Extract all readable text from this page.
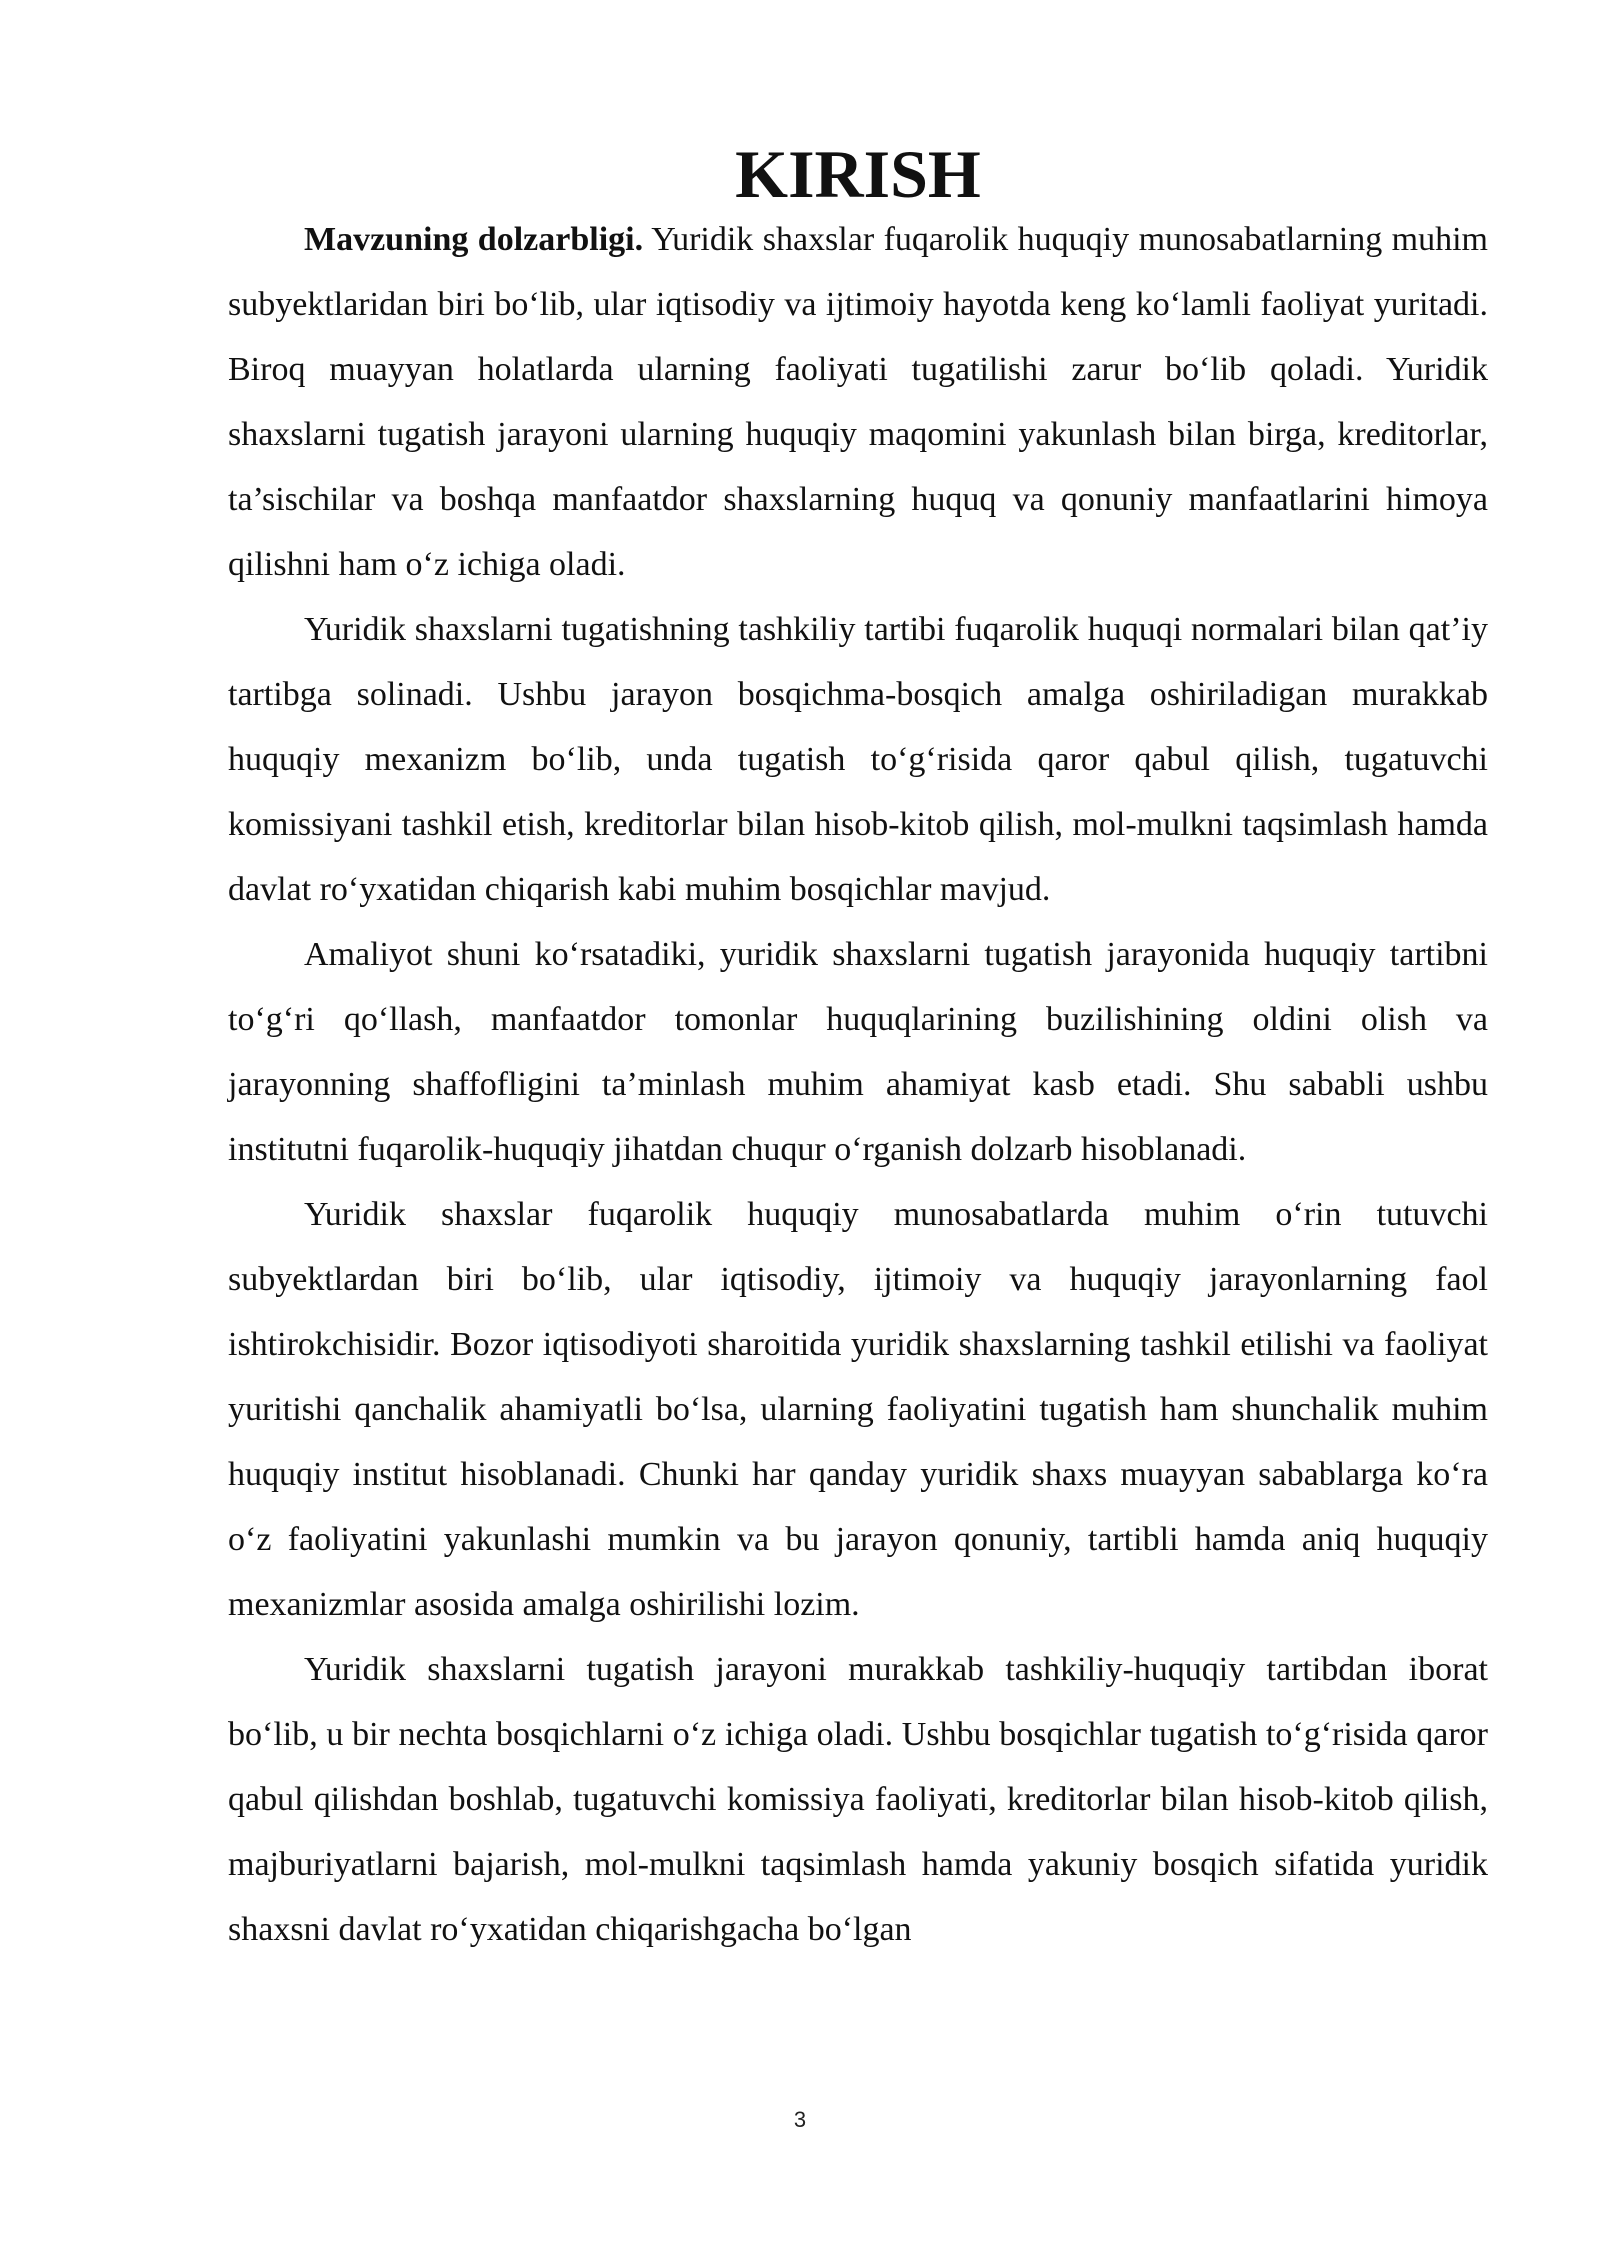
KIRISH

Mavzuning dolzarbligi. Yuridik shaxslar fuqarolik huquqiy munosabatlarning muhim subyektlaridan biri bo‘lib, ular iqtisodiy va ijtimoiy hayotda keng ko‘lamli faoliyat yuritadi. Biroq muayyan holatlarda ularning faoliyati tugatilishi zarur bo‘lib qoladi. Yuridik shaxslarni tugatish jarayoni ularning huquqiy maqomini yakunlash bilan birga, kreditorlar, ta’sischilar va boshqa manfaatdor shaxslarning huquq va qonuniy manfaatlarini himoya qilishni ham o‘z ichiga oladi.

Yuridik shaxslarni tugatishning tashkiliy tartibi fuqarolik huquqi normalari bilan qat’iy tartibga solinadi. Ushbu jarayon bosqichma-bosqich amalga oshiriladigan murakkab huquqiy mexanizm bo‘lib, unda tugatish to‘g‘risida qaror qabul qilish, tugatuvchi komissiyani tashkil etish, kreditorlar bilan hisob-kitob qilish, mol-mulkni taqsimlash hamda davlat ro‘yxatidan chiqarish kabi muhim bosqichlar mavjud.

Amaliyot shuni ko‘rsatadiki, yuridik shaxslarni tugatish jarayonida huquqiy tartibni to‘g‘ri qo‘llash, manfaatdor tomonlar huquqlarining buzilishining oldini olish va jarayonning shaffofligini ta’minlash muhim ahamiyat kasb etadi. Shu sababli ushbu institutni fuqarolik-huquqiy jihatdan chuqur o‘rganish dolzarb hisoblanadi.

Yuridik shaxslar fuqarolik huquqiy munosabatlarda muhim o‘rin tutuvchi subyektlardan biri bo‘lib, ular iqtisodiy, ijtimoiy va huquqiy jarayonlarning faol ishtirokchisidir. Bozor iqtisodiyoti sharoitida yuridik shaxslarning tashkil etilishi va faoliyat yuritishi qanchalik ahamiyatli bo‘lsa, ularning faoliyatini tugatish ham shunchalik muhim huquqiy institut hisoblanadi. Chunki har qanday yuridik shaxs muayyan sabablarga ko‘ra o‘z faoliyatini yakunlashi mumkin va bu jarayon qonuniy, tartibli hamda aniq huquqiy mexanizmlar asosida amalga oshirilishi lozim.

Yuridik shaxslarni tugatish jarayoni murakkab tashkiliy-huquqiy tartibdan iborat bo‘lib, u bir nechta bosqichlarni o‘z ichiga oladi. Ushbu bosqichlar tugatish to‘g‘risida qaror qabul qilishdan boshlab, tugatuvchi komissiya faoliyati, kreditorlar bilan hisob-kitob qilish, majburiyatlarni bajarish, mol-mulkni taqsimlash hamda yakuniy bosqich sifatida yuridik shaxsni davlat ro‘yxatidan chiqarishgacha bo‘lgan

3
